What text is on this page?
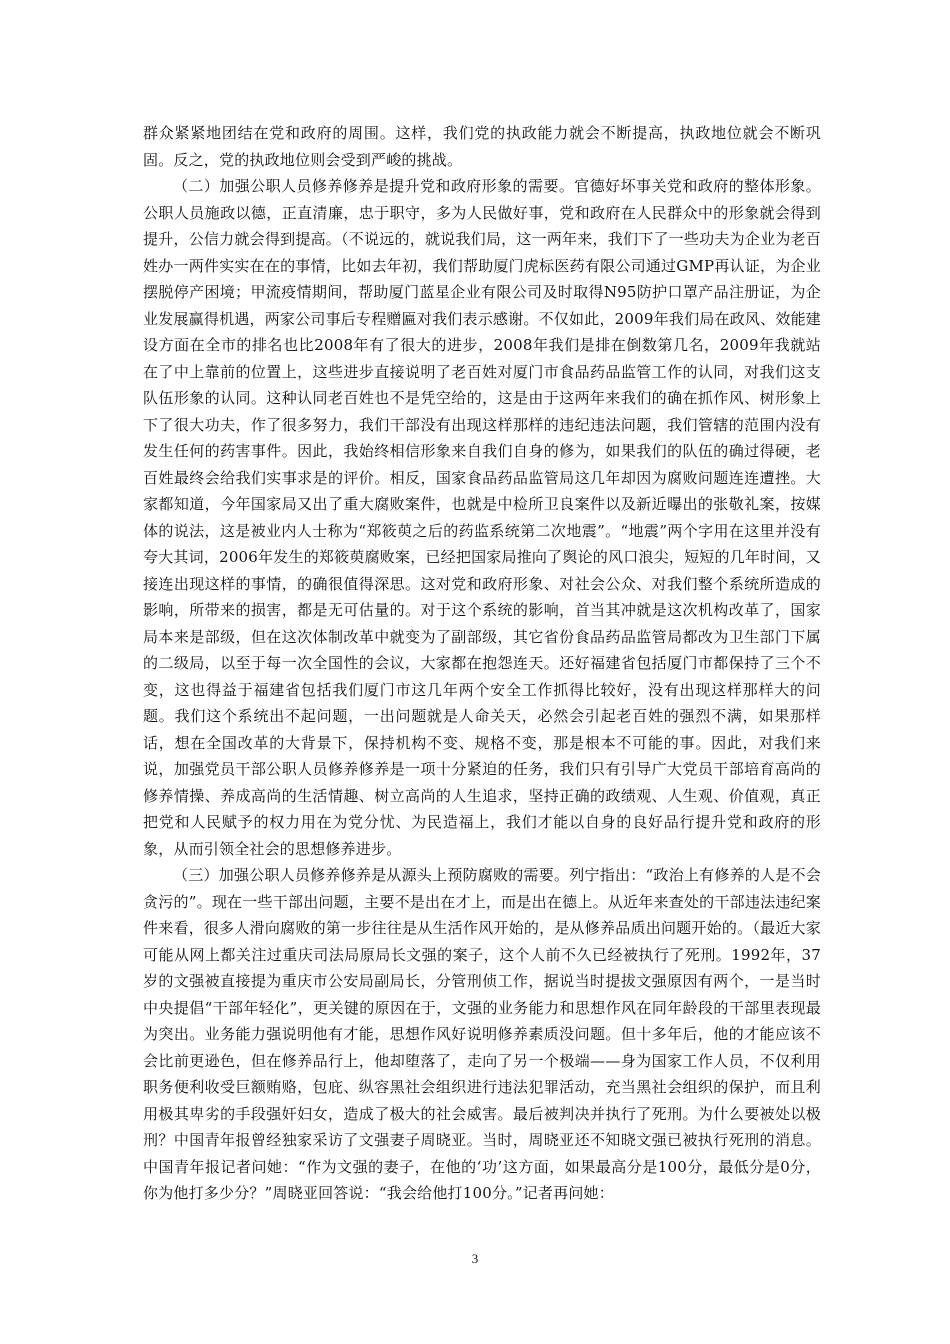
群众紧紧地团结在党和政府的周围。这样，我们党的执政能力就会不断提高，执政地位就会不断巩固。反之，党的执政地位则会受到严峻的挑战。

（二）加强公职人员修养修养是提升党和政府形象的需要。官德好坏事关党和政府的整体形象。公职人员施政以德，正直清廉，忠于职守，多为人民做好事，党和政府在人民群众中的形象就会得到提升，公信力就会得到提高。（不说远的，就说我们局，这一两年来，我们下了一些功夫为企业为老百姓办一两件实实在在的事情，比如去年初，我们帮助厦门虎标医药有限公司通过GMP再认证，为企业摆脱停产困境；甲流疫情期间，帮助厦门蓝星企业有限公司及时取得N95防护口罩产品注册证，为企业发展赢得机遇，两家公司事后专程赠匾对我们表示感谢。不仅如此，2009年我们局在政风、效能建设方面在全市的排名也比2008年有了很大的进步，2008年我们是排在倒数第几名，2009年我就站在了中上靠前的位置上，这些进步直接说明了老百姓对厦门市食品药品监管工作的认同，对我们这支队伍形象的认同。这种认同老百姓也不是凭空给的，这是由于这两年来我们的确在抓作风、树形象上下了很大功夫，作了很多努力，我们干部没有出现这样那样的违纪违法问题，我们管辖的范围内没有发生任何的药害事件。因此，我始终相信形象来自我们自身的修为，如果我们的队伍的确过得硬，老百姓最终会给我们实事求是的评价。相反，国家食品药品监管局这几年却因为腐败问题连连遭挫。大家都知道，今年国家局又出了重大腐败案件，也就是中检所卫良案件以及新近曝出的张敬礼案，按媒体的说法，这是被业内人士称为“郑筱萸之后的药监系统第二次地震”。“地震”两个字用在这里并没有夸大其词，2006年发生的郑筱萸腐败案，已经把国家局推向了舆论的风口浪尖，短短的几年时间，又接连出现这样的事情，的确很值得深思。这对党和政府形象、对社会公众、对我们整个系统所造成的影响，所带来的损害，都是无可估量的。对于这个系统的影响，首当其冲就是这次机构改革了，国家局本来是部级，但在这次体制改革中就变为了副部级，其它省份食品药品监管局都改为卫生部门下属的二级局，以至于每一次全国性的会议，大家都在抱怨连天。还好福建省包括厦门市都保持了三个不变，这也得益于福建省包括我们厦门市这几年两个安全工作抓得比较好，没有出现这样那样大的问题。我们这个系统出不起问题，一出问题就是人命关天，必然会引起老百姓的强烈不满，如果那样话，想在全国改革的大背景下，保持机构不变、规格不变，那是根本不可能的事。因此，对我们来说，加强党员干部公职人员修养修养是一项十分紧迫的任务，我们只有引导广大党员干部培育高尚的修养情操、养成高尚的生活情趣、树立高尚的人生追求，坚持正确的政绩观、人生观、价值观，真正把党和人民赋予的权力用在为党分忧、为民造福上，我们才能以自身的良好品行提升党和政府的形象，从而引领全社会的思想修养进步。

（三）加强公职人员修养修养是从源头上预防腐败的需要。列宁指出：“政治上有修养的人是不会贪污的”。现在一些干部出问题，主要不是出在才上，而是出在德上。从近年来查处的干部违法违纪案件来看，很多人滑向腐败的第一步往往是从生活作风开始的，是从修养品质出问题开始的。（最近大家可能从网上都关注过重庆司法局原局长文强的案子，这个人前不久已经被执行了死刑。1992年，37岁的文强被直接提为重庆市公安局副局长，分管刑侦工作，据说当时提拔文强原因有两个，一是当时中央提倡“干部年轻化”，更关键的原因在于，文强的业务能力和思想作风在同年龄段的干部里表现最为突出。业务能力强说明他有才能，思想作风好说明修养素质没问题。但十多年后，他的才能应该不会比前更逊色，但在修养品行上，他却堕落了，走向了另一个极端——身为国家工作人员，不仅利用职务便利收受巨额贿赂，包庇、纵容黑社会组织进行违法犯罪活动，充当黑社会组织的保护，而且利用极其卑劣的手段强奸妇女，造成了极大的社会威害。最后被判决并执行了死刑。为什么要被处以极刑？中国青年报曾经独家采访了文强妻子周晓亚。当时，周晓亚还不知晓文强已被执行死刑的消息。中国青年报记者问她：“作为文强的妻子，在他的‘功’这方面，如果最高分是100分，最低分是0分，你为他打多少分？”周晓亚回答说：“我会给他打100分。”记者再问她：

3
